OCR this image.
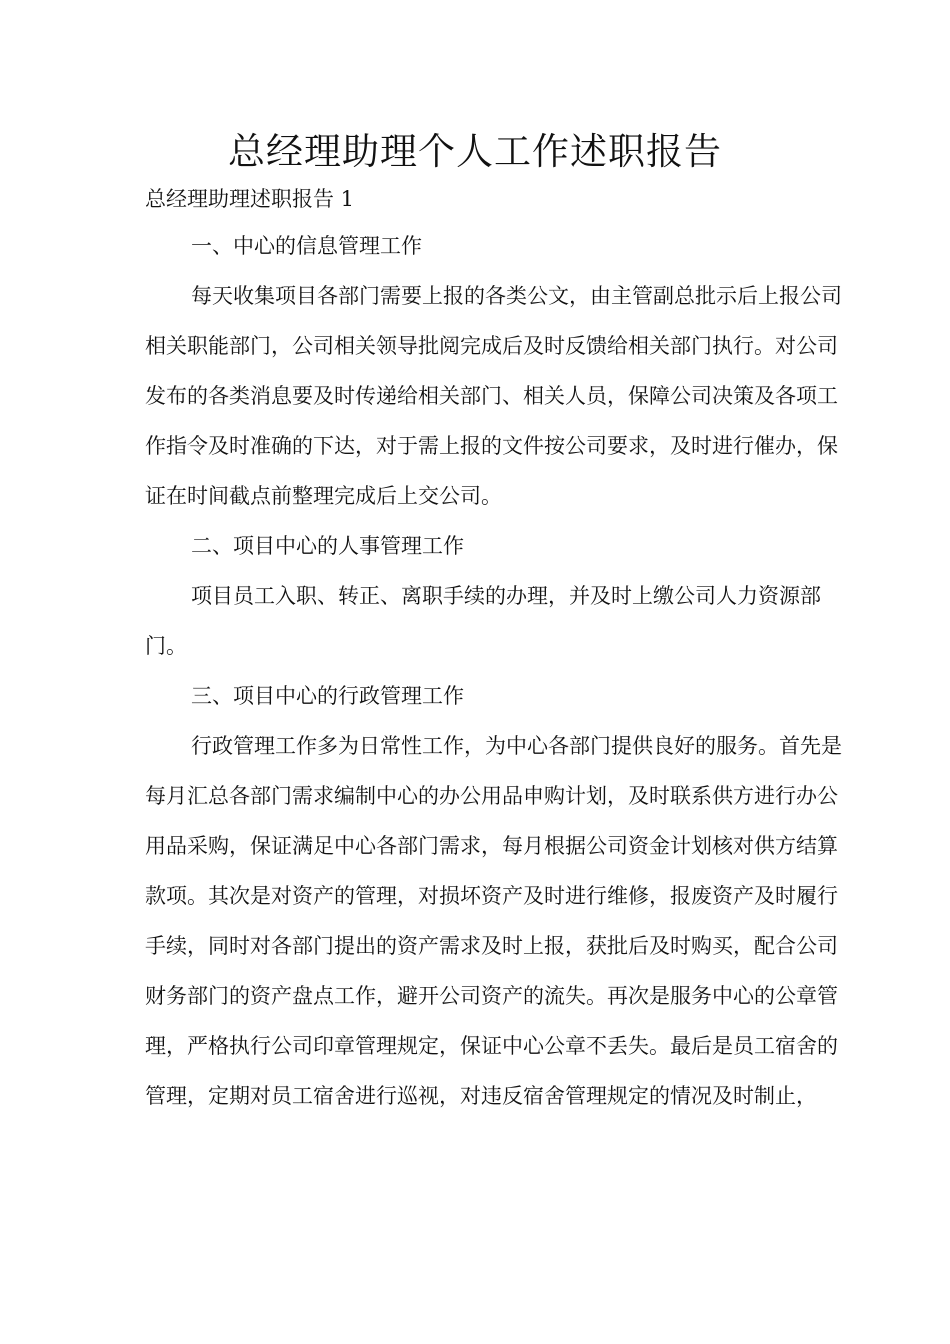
总经理助理个人工作述职报告

总经理助理述职报告 1

一、中心的信息管理工作

每天收集项目各部门需要上报的各类公文，由主管副总批示后上报公司相关职能部门，公司相关领导批阅完成后及时反馈给相关部门执行。对公司发布的各类消息要及时传递给相关部门、相关人员，保障公司决策及各项工作指令及时准确的下达，对于需上报的文件按公司要求，及时进行催办，保证在时间截点前整理完成后上交公司。

二、项目中心的人事管理工作

项目员工入职、转正、离职手续的办理，并及时上缴公司人力资源部门。

三、项目中心的行政管理工作

行政管理工作多为日常性工作，为中心各部门提供良好的服务。首先是每月汇总各部门需求编制中心的办公用品申购计划，及时联系供方进行办公用品采购，保证满足中心各部门需求，每月根据公司资金计划核对供方结算款项。其次是对资产的管理，对损坏资产及时进行维修，报废资产及时履行手续，同时对各部门提出的资产需求及时上报，获批后及时购买，配合公司财务部门的资产盘点工作，避开公司资产的流失。再次是服务中心的公章管理，严格执行公司印章管理规定，保证中心公章不丢失。最后是员工宿舍的管理，定期对员工宿舍进行巡视，对违反宿舍管理规定的情况及时制止，
